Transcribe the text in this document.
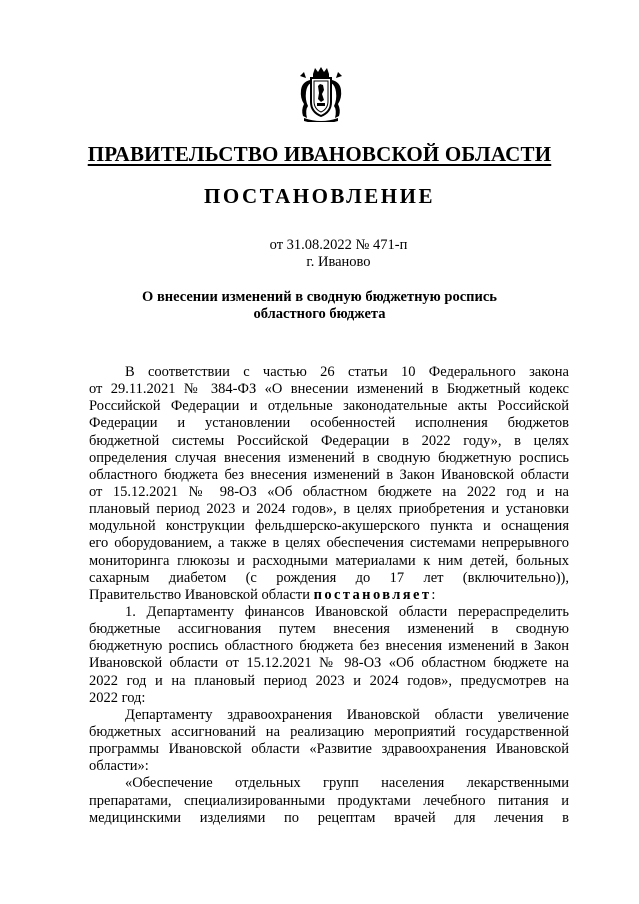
ПРАВИТЕЛЬСТВО ИВАНОВСКОЙ ОБЛАСТИ
ПОСТАНОВЛЕНИЕ
от 31.08.2022 № 471-п
г. Иваново
О внесении изменений в сводную бюджетную роспись
областного бюджета
В соответствии с частью 26 статьи 10 Федерального закона
от 29.11.2021 № 384-ФЗ «О внесении изменений в Бюджетный кодекс
Российской Федерации и отдельные законодательные акты Российской
Федерации и установлении особенностей исполнения бюджетов
бюджетной системы Российской Федерации в 2022 году», в целях
определения случая внесения изменений в сводную бюджетную роспись
областного бюджета без внесения изменений в Закон Ивановской области
от 15.12.2021 № 98-ОЗ «Об областном бюджете на 2022 год и на
плановый период 2023 и 2024 годов», в целях приобретения и установки
модульной конструкции фельдшерско-акушерского пункта и оснащения
его оборудованием, а также в целях обеспечения системами непрерывного
мониторинга глюкозы и расходными материалами к ним детей, больных
сахарным диабетом (с рождения до 17 лет (включительно)),
Правительство Ивановской области постановляет:
1. Департаменту финансов Ивановской области перераспределить
бюджетные ассигнования путем внесения изменений в сводную
бюджетную роспись областного бюджета без внесения изменений в Закон
Ивановской области от 15.12.2021 № 98-ОЗ «Об областном бюджете на
2022 год и на плановый период 2023 и 2024 годов», предусмотрев на
2022 год:
Департаменту здравоохранения Ивановской области увеличение
бюджетных ассигнований на реализацию мероприятий государственной
программы Ивановской области «Развитие здравоохранения Ивановской
области»:
«Обеспечение отдельных групп населения лекарственными
препаратами, специализированными продуктами лечебного питания и
медицинскими изделиями по рецептам врачей для лечения в
